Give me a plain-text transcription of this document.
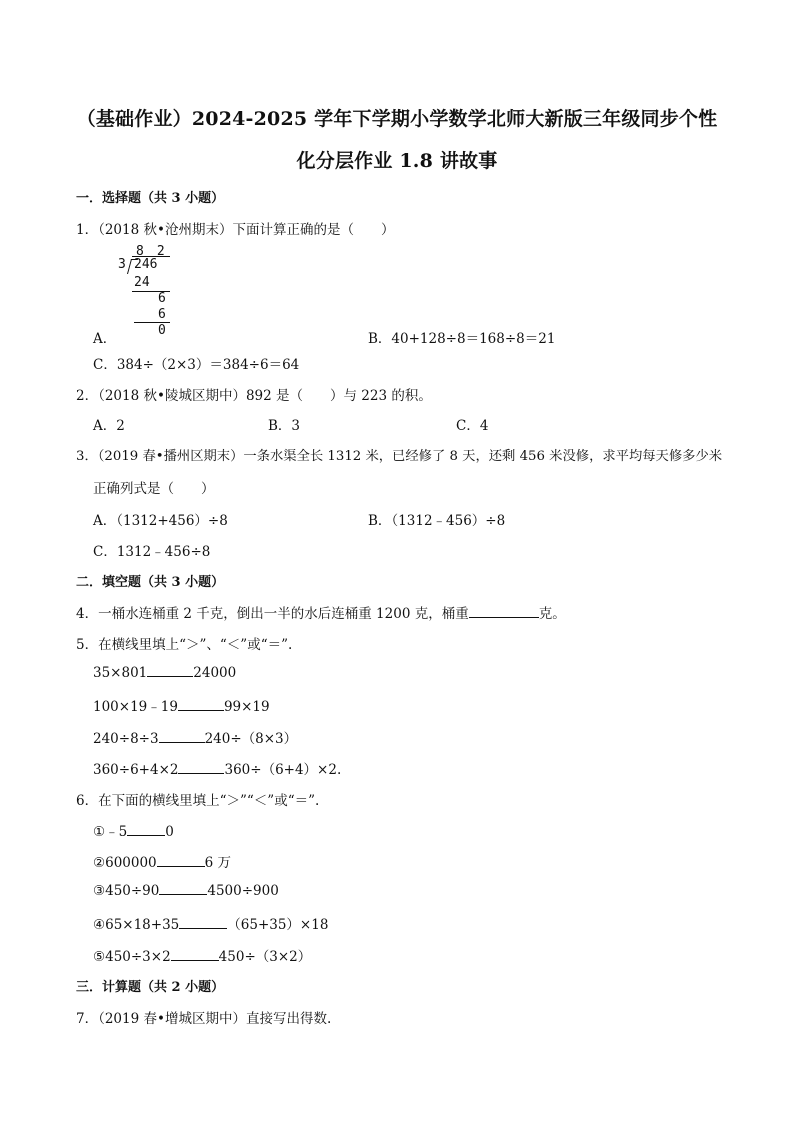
（基础作业）2024-2025 学年下学期小学数学北师大新版三年级同步个性
化分层作业 1.8 讲故事
一．选择题（共 3 小题）
1．（2018 秋•沧州期末）下面计算正确的是（　　）
8　2
3 246
24
6
6
0
A．	B．40+128÷8＝168÷8＝21
C．384÷（2×3）＝384÷6＝64
2．（2018 秋•陵城区期中）892 是（　　）与 223 的积。
A．2	B．3	C．4
3．（2019 春•播州区期末）一条水渠全长 1312 米，已经修了 8 天，还剩 456 米没修，求平均每天修多少米
正确列式是（　　）
A．（1312+456）÷8	B．（1312﹣456）÷8
C．1312﹣456÷8
二．填空题（共 3 小题）
4．一桶水连桶重 2 千克，倒出一半的水后连桶重 1200 克，桶重	克。
5．在横线里填上“＞”、“＜”或“＝”.
35×801	24000
100×19﹣19	99×19
240÷8÷3	240÷（8×3）
360÷6+4×2	360÷（6+4）×2.
6．在下面的横线里填上“＞”“＜”或“＝”.
①﹣5	0
②600000	6 万
③450÷90	4500÷900
④65×18+35	（65+35）×18
⑤450÷3×2	450÷（3×2）
三．计算题（共 2 小题）
7．（2019 春•增城区期中）直接写出得数.
